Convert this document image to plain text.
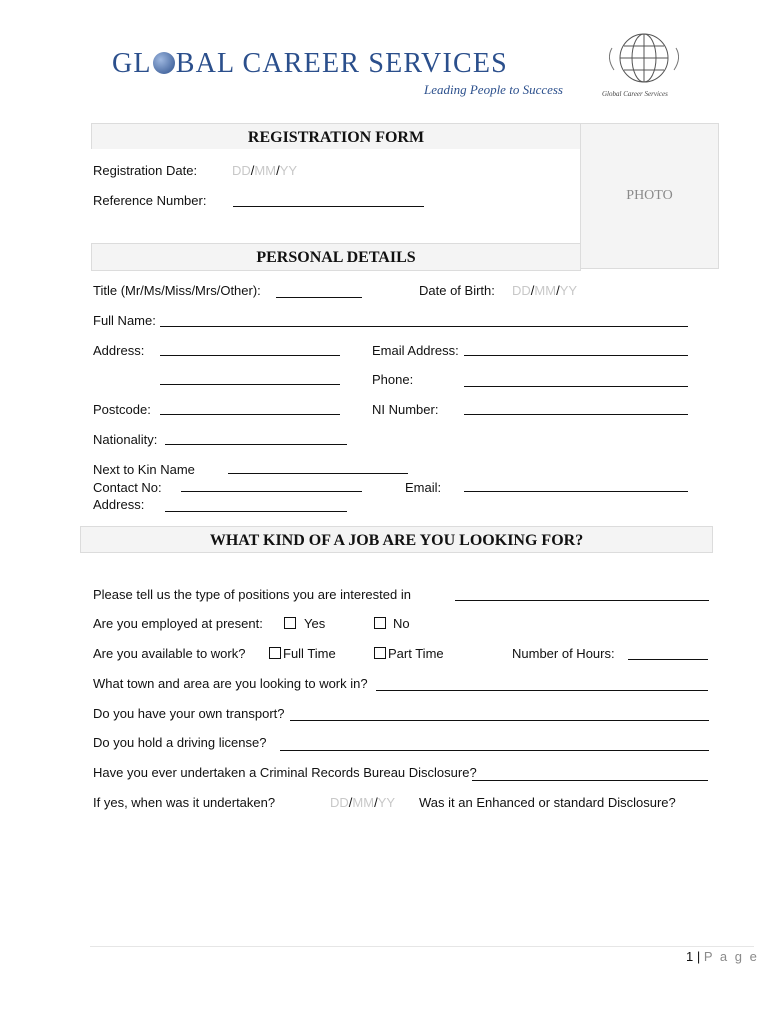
GL BAL CAREER SERVICES
Leading People to Success	Global Career Services
REGISTRATION FORM
PHOTO
Registration Date:	DD/MM/YY
Reference Number:
PERSONAL DETAILS
Title (Mr/Ms/Miss/Mrs/Other):	Date of Birth: DD/MM/YY
Full Name:
Address:	Email Address:
Phone:
Postcode:	NI Number:
Nationality:
Next to Kin Name
Contact No:	Email:
Address:
WHAT KIND OF A JOB ARE YOU LOOKING FOR?
Please tell us the type of positions you are interested in
Are you employed at present:	Yes	No
Are you available to work?	Full Time	Part Time	Number of Hours:
What town and area are you looking to work in?
Do you have your own transport?
Do you hold a driving license?
Have you ever undertaken a Criminal Records Bureau Disclosure?
If yes, when was it undertaken?	DD/MM/YY Was it an Enhanced or standard Disclosure?
1 | P a g e
